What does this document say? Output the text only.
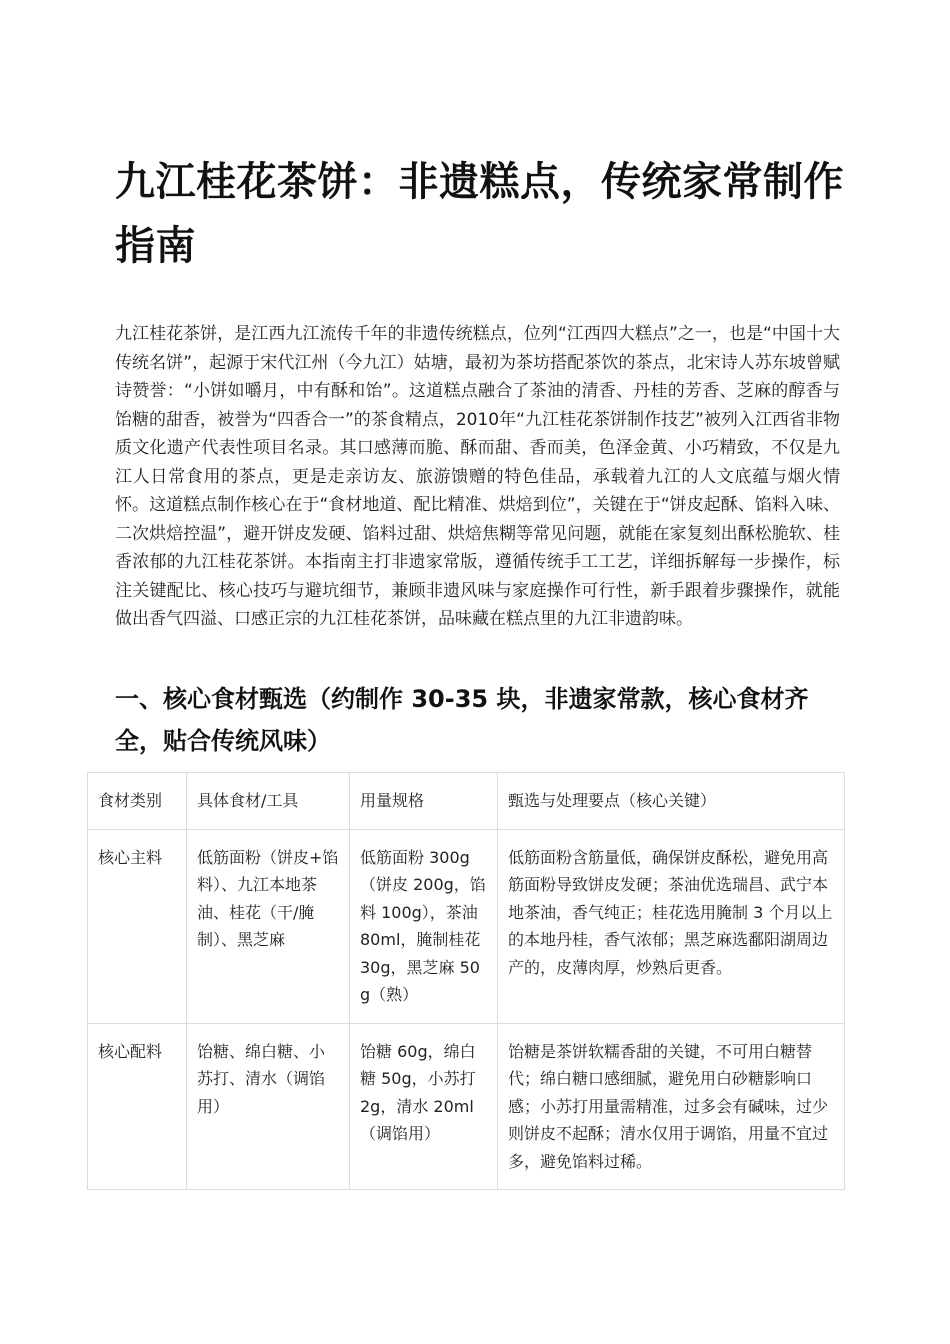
九江桂花茶饼：非遗糕点，传统家常制作指南

九江桂花茶饼，是江西九江流传千年的非遗传统糕点，位列“江西四大糕点”之一，也是“中国十大传统名饼”，起源于宋代江州（今九江）姑塘，最初为茶坊搭配茶饮的茶点，北宋诗人苏东坡曾赋诗赞誉：“小饼如嚼月，中有酥和饴”。这道糕点融合了茶油的清香、丹桂的芳香、芝麻的醇香与饴糖的甜香，被誉为“四香合一”的茶食精点，2010年“九江桂花茶饼制作技艺”被列入江西省非物质文化遗产代表性项目名录。其口感薄而脆、酥而甜、香而美，色泽金黄、小巧精致，不仅是九江人日常食用的茶点，更是走亲访友、旅游馈赠的特色佳品，承载着九江的人文底蕴与烟火情怀。这道糕点制作核心在于“食材地道、配比精准、烘焙到位”，关键在于“饼皮起酥、馅料入味、二次烘焙控温”，避开饼皮发硬、馅料过甜、烘焙焦糊等常见问题，就能在家复刻出酥松脆软、桂香浓郁的九江桂花茶饼。本指南主打非遗家常版，遵循传统手工工艺，详细拆解每一步操作，标注关键配比、核心技巧与避坑细节，兼顾非遗风味与家庭操作可行性，新手跟着步骤操作，就能做出香气四溢、口感正宗的九江桂花茶饼，品味藏在糕点里的九江非遗韵味。

一、核心食材甄选（约制作 30-35 块，非遗家常款，核心食材齐全，贴合传统风味）
食材类别	具体食材/工具	用量规格	甄选与处理要点（核心关键）
核心主料	低筋面粉（饼皮+馅料）、九江本地茶油、桂花（干/腌制）、黑芝麻	低筋面粉 300g（饼皮 200g，馅料 100g），茶油 80ml，腌制桂花 30g，黑芝麻 50g（熟）	低筋面粉含筋量低，确保饼皮酥松，避免用高筋面粉导致饼皮发硬；茶油优选瑞昌、武宁本地茶油，香气纯正；桂花选用腌制 3 个月以上的本地丹桂，香气浓郁；黑芝麻选鄱阳湖周边产的，皮薄肉厚，炒熟后更香。
核心配料	饴糖、绵白糖、小苏打、清水（调馅用）	饴糖 60g，绵白糖 50g，小苏打 2g，清水 20ml（调馅用）	饴糖是茶饼软糯香甜的关键，不可用白糖替代；绵白糖口感细腻，避免用白砂糖影响口感；小苏打用量需精准，过多会有碱味，过少则饼皮不起酥；清水仅用于调馅，用量不宜过多，避免馅料过稀。
